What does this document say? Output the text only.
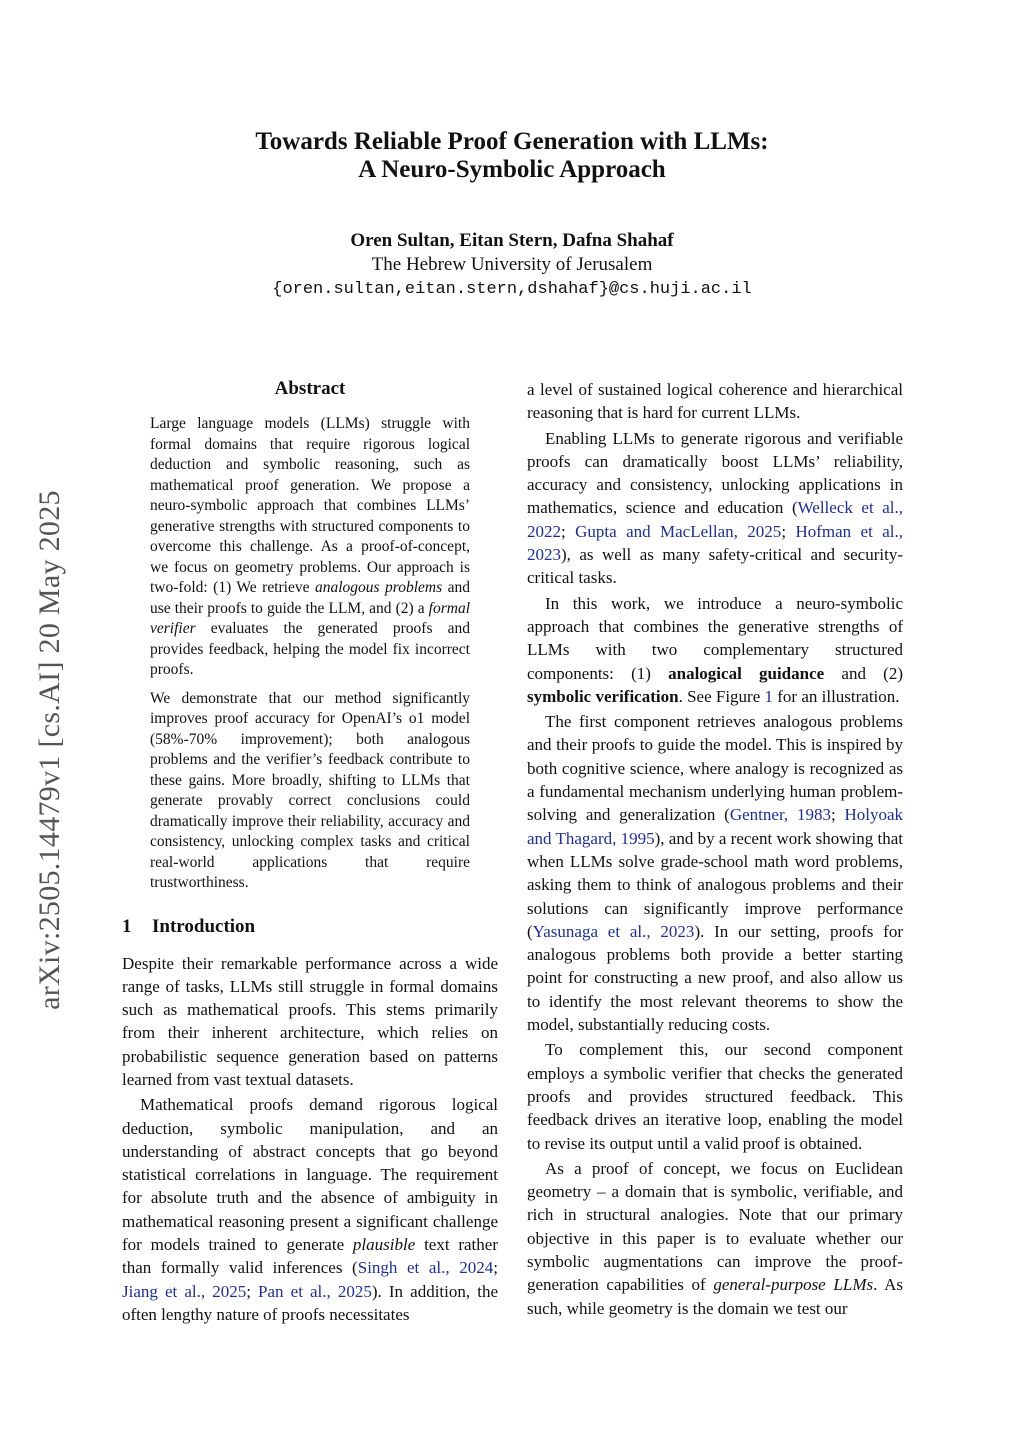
arXiv:2505.14479v1 [cs.AI] 20 May 2025
Towards Reliable Proof Generation with LLMs:
A Neuro-Symbolic Approach
Oren Sultan, Eitan Stern, Dafna Shahaf
The Hebrew University of Jerusalem
{oren.sultan,eitan.stern,dshahaf}@cs.huji.ac.il
Abstract

Large language models (LLMs) struggle with formal domains that require rigorous logical deduction and symbolic reasoning, such as mathematical proof generation. We propose a neuro-symbolic approach that combines LLMs’ generative strengths with structured components to overcome this challenge. As a proof-of-concept, we focus on geometry problems. Our approach is two-fold: (1) We retrieve analogous problems and use their proofs to guide the LLM, and (2) a formal verifier evaluates the generated proofs and provides feedback, helping the model fix incorrect proofs.

We demonstrate that our method significantly improves proof accuracy for OpenAI’s o1 model (58%-70% improvement); both analogous problems and the verifier’s feedback contribute to these gains. More broadly, shifting to LLMs that generate provably correct conclusions could dramatically improve their reliability, accuracy and consistency, unlocking complex tasks and critical real-world applications that require trustworthiness.

1 Introduction

Despite their remarkable performance across a wide range of tasks, LLMs still struggle in formal domains such as mathematical proofs. This stems primarily from their inherent architecture, which relies on probabilistic sequence generation based on patterns learned from vast textual datasets.

Mathematical proofs demand rigorous logical deduction, symbolic manipulation, and an understanding of abstract concepts that go beyond statistical correlations in language. The requirement for absolute truth and the absence of ambiguity in mathematical reasoning present a significant challenge for models trained to generate plausible text rather than formally valid inferences (Singh et al., 2024; Jiang et al., 2025; Pan et al., 2025). In addition, the often lengthy nature of proofs necessitates

a level of sustained logical coherence and hierarchical reasoning that is hard for current LLMs.

Enabling LLMs to generate rigorous and verifiable proofs can dramatically boost LLMs’ reliability, accuracy and consistency, unlocking applications in mathematics, science and education (Welleck et al., 2022; Gupta and MacLellan, 2025; Hofman et al., 2023), as well as many safety-critical and security-critical tasks.

In this work, we introduce a neuro-symbolic approach that combines the generative strengths of LLMs with two complementary structured components: (1) analogical guidance and (2) symbolic verification. See Figure 1 for an illustration.

The first component retrieves analogous problems and their proofs to guide the model. This is inspired by both cognitive science, where analogy is recognized as a fundamental mechanism underlying human problem-solving and generalization (Gentner, 1983; Holyoak and Thagard, 1995), and by a recent work showing that when LLMs solve grade-school math word problems, asking them to think of analogous problems and their solutions can significantly improve performance (Yasunaga et al., 2023). In our setting, proofs for analogous problems both provide a better starting point for constructing a new proof, and also allow us to identify the most relevant theorems to show the model, substantially reducing costs.

To complement this, our second component employs a symbolic verifier that checks the generated proofs and provides structured feedback. This feedback drives an iterative loop, enabling the model to revise its output until a valid proof is obtained.

As a proof of concept, we focus on Euclidean geometry – a domain that is symbolic, verifiable, and rich in structural analogies. Note that our primary objective in this paper is to evaluate whether our symbolic augmentations can improve the proof-generation capabilities of general-purpose LLMs. As such, while geometry is the domain we test our
